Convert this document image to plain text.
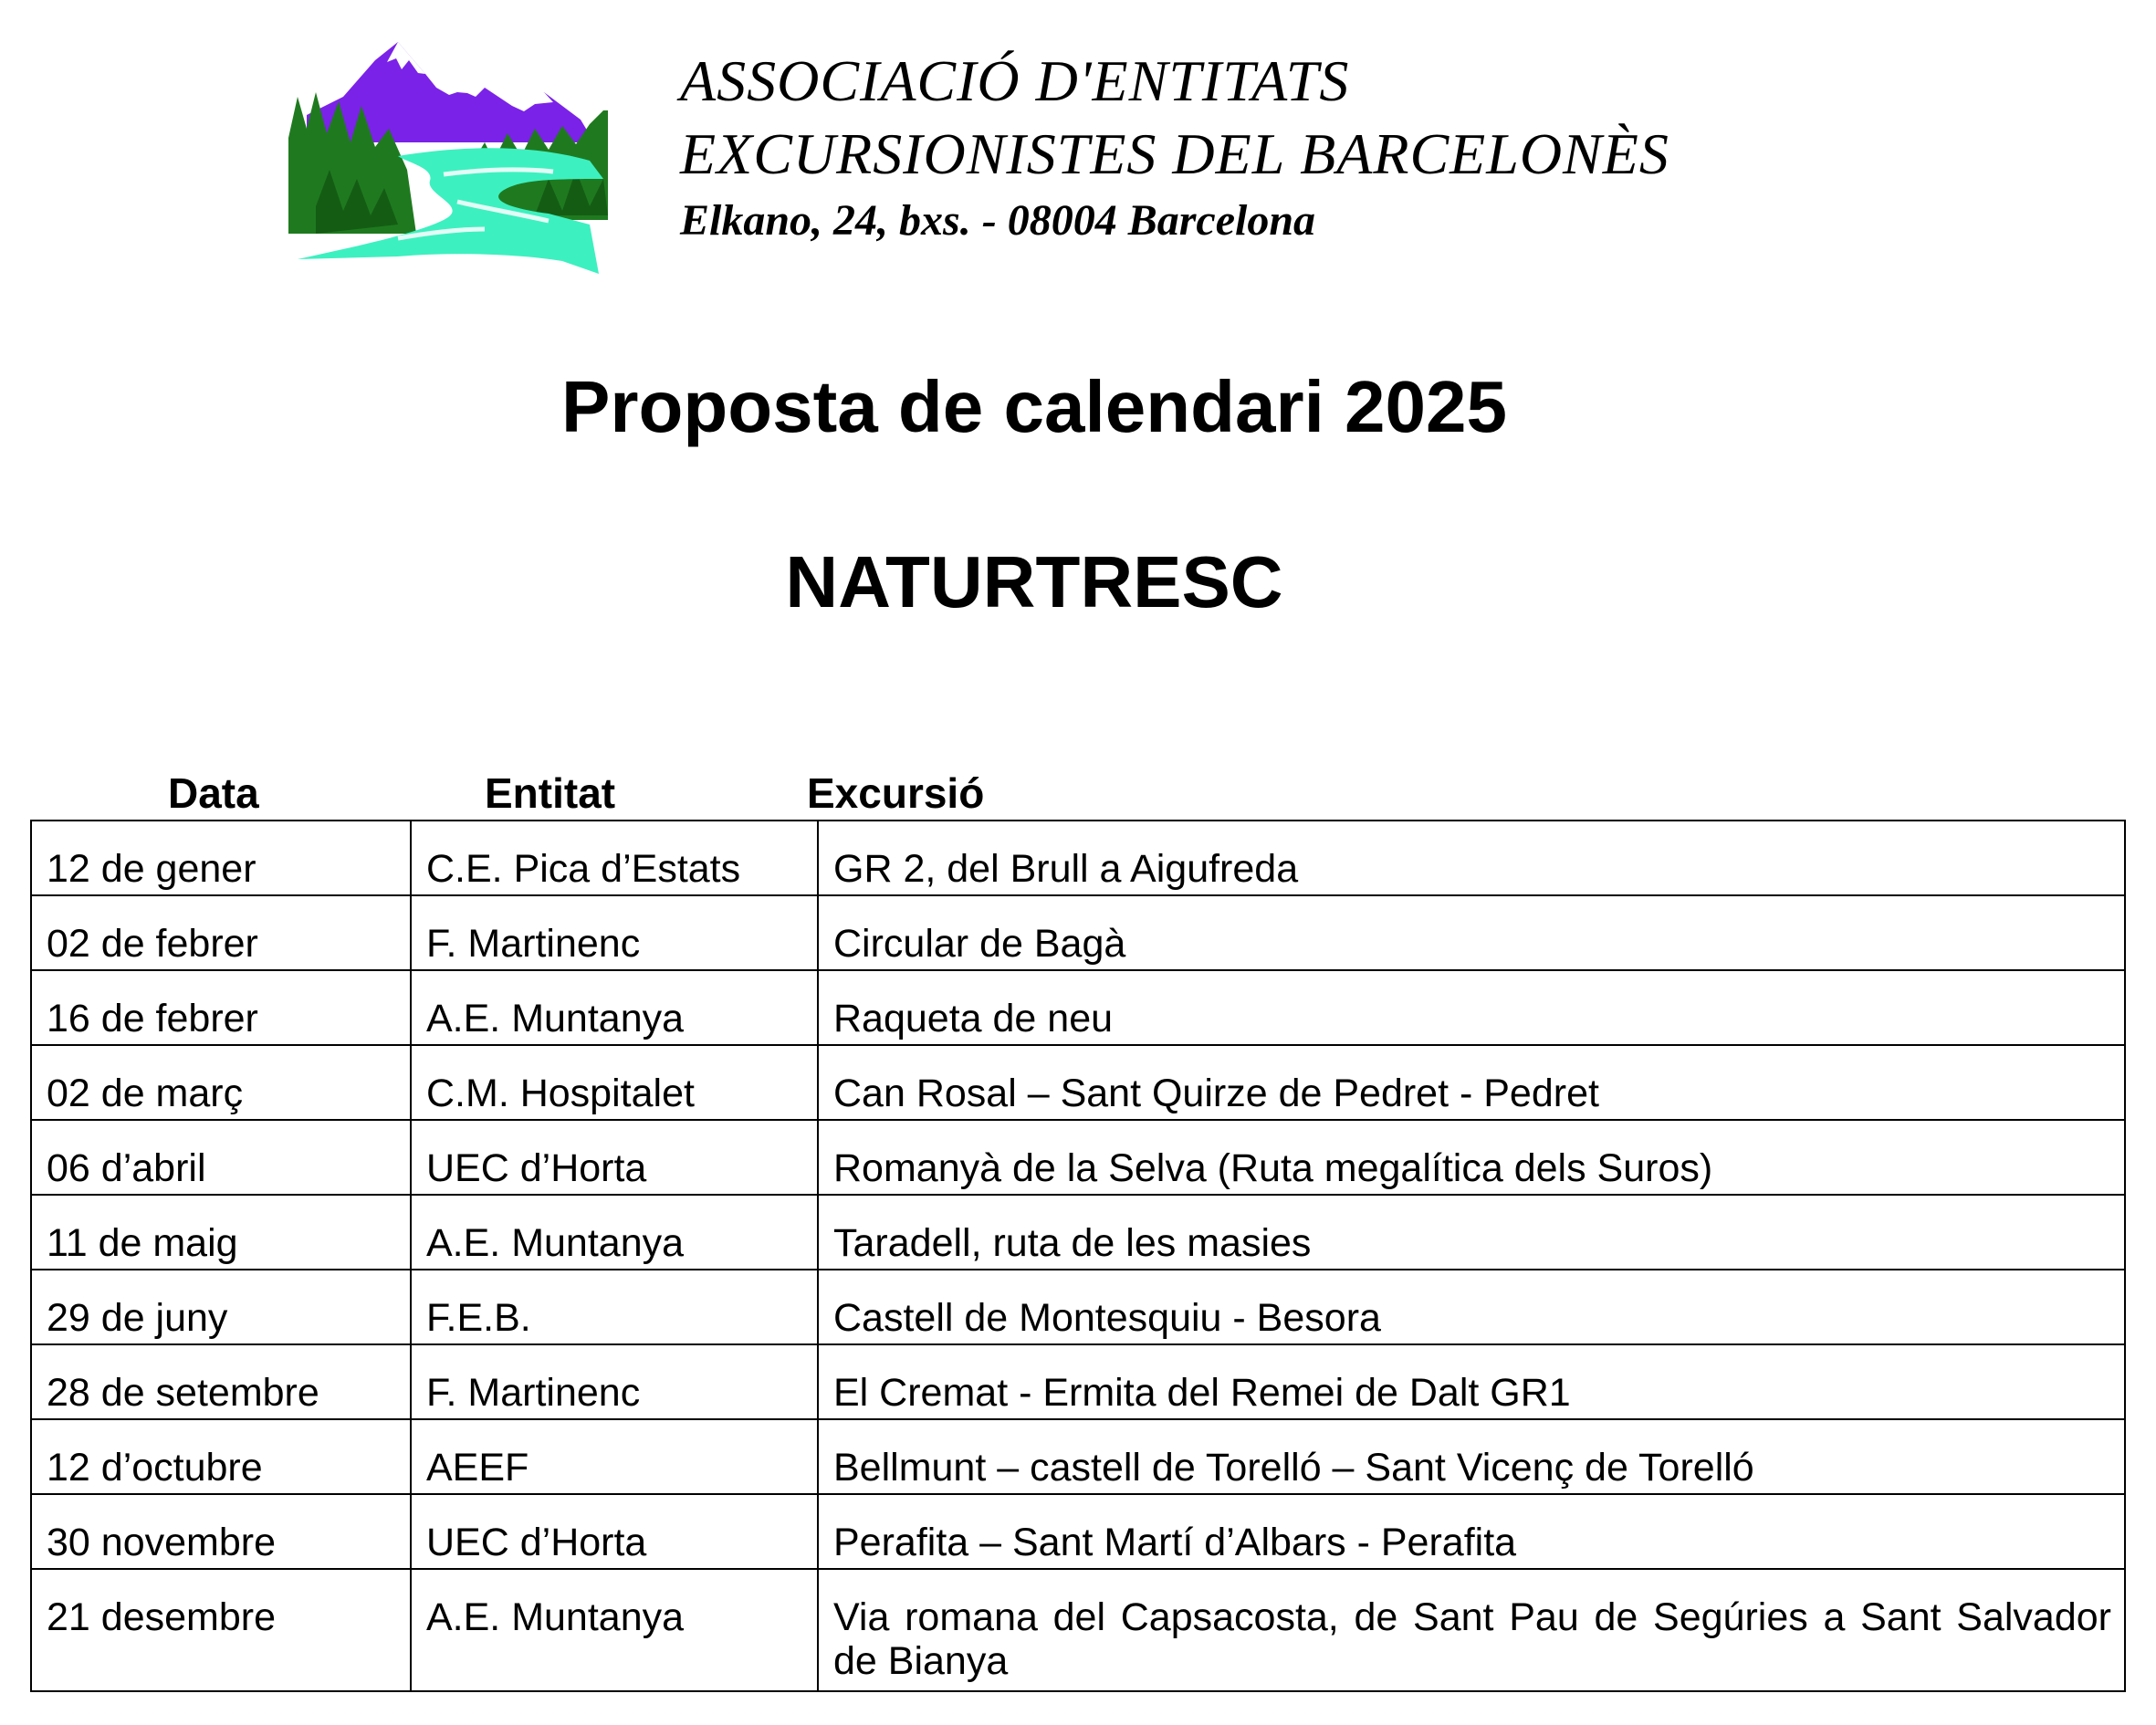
ASSOCIACIÓ D'ENTITATS
EXCURSIONISTES DEL BARCELONÈS
Elkano, 24, bxs. - 08004 Barcelona
Proposta de calendari 2025
NATURTRESC
Data	Entitat	Excursió
12 de gener	C.E. Pica d’Estats	GR 2, del Brull a Aigufreda
02 de febrer	F. Martinenc	Circular de Bagà
16 de febrer	A.E. Muntanya	Raqueta de neu
02 de març	C.M. Hospitalet	Can Rosal – Sant Quirze de Pedret - Pedret
06 d’abril	UEC d’Horta	Romanyà de la Selva (Ruta megalítica dels Suros)
11 de maig	A.E. Muntanya	Taradell, ruta de les masies
29 de juny	F.E.B.	Castell de Montesquiu - Besora
28 de setembre	F. Martinenc	El Cremat - Ermita del Remei de Dalt GR1
12 d’octubre	AEEF	Bellmunt – castell de Torelló – Sant Vicenç de Torelló
30 novembre	UEC d’Horta	Perafita – Sant Martí d’Albars - Perafita
21 desembre	A.E. Muntanya	Via romana del Capsacosta, de Sant Pau de Segúries a Sant Salvador de Bianya
